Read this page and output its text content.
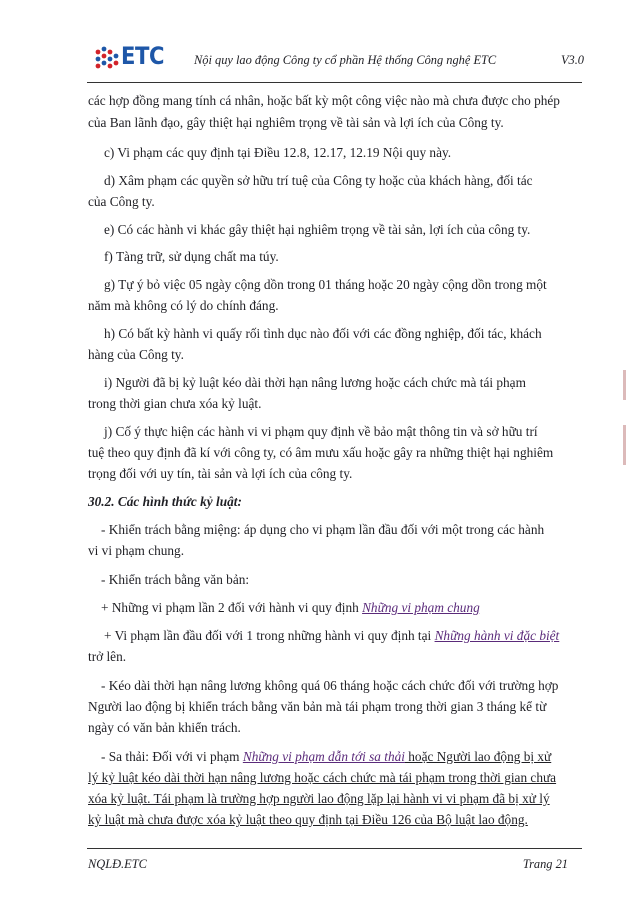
ETC Nội quy lao động Công ty cổ phần Hệ thống Công nghệ ETC	V3.0
các hợp đồng mang tính cá nhân, hoặc bất kỳ một công việc nào mà chưa được cho phép
của Ban lãnh đạo, gây thiệt hại nghiêm trọng về tài sản và lợi ích của Công ty.
c) Vi phạm các quy định tại Điều 12.8, 12.17, 12.19 Nội quy này.
d) Xâm phạm các quyền sở hữu trí tuệ của Công ty hoặc của khách hàng, đối tác
của Công ty.
e) Có các hành vi khác gây thiệt hại nghiêm trọng về tài sản, lợi ích của công ty.
f) Tàng trữ, sử dụng chất ma túy.
g) Tự ý bỏ việc 05 ngày cộng dồn trong 01 tháng hoặc 20 ngày cộng dồn trong một
năm mà không có lý do chính đáng.
h) Có bất kỳ hành vi quấy rối tình dục nào đối với các đồng nghiệp, đối tác, khách
hàng của Công ty.
i) Người đã bị kỷ luật kéo dài thời hạn nâng lương hoặc cách chức mà tái phạm
trong thời gian chưa xóa kỷ luật.
j) Cố ý thực hiện các hành vi vi phạm quy định về bảo mật thông tin và sở hữu trí
tuệ theo quy định đã kí với công ty, có âm mưu xấu hoặc gây ra những thiệt hại nghiêm
trọng đối với uy tín, tài sản và lợi ích của công ty.
30.2. Các hình thức kỷ luật:
- Khiển trách bằng miệng: áp dụng cho vi phạm lần đầu đối với một trong các hành
vi vi phạm chung.
- Khiển trách bằng văn bản:
+ Những vi phạm lần 2 đối với hành vi quy định Những vi phạm chung
+ Vi phạm lần đầu đối với 1 trong những hành vi quy định tại Những hành vi đặc biệt
trở lên.
- Kéo dài thời hạn nâng lương không quá 06 tháng hoặc cách chức đối với trường hợp
Người lao động bị khiển trách bằng văn bản mà tái phạm trong thời gian 3 tháng kể từ
ngày có văn bản khiển trách.
- Sa thải: Đối với vi phạm Những vi phạm dẫn tới sa thải hoặc Người lao động bị xử
lý kỷ luật kéo dài thời hạn nâng lương hoặc cách chức mà tái phạm trong thời gian chưa
xóa kỷ luật. Tái phạm là trường hợp người lao động lặp lại hành vi vi phạm đã bị xử lý
kỷ luật mà chưa được xóa kỷ luật theo quy định tại Điều 126 của Bộ luật lao động.
NQLĐ.ETC	Trang 21
